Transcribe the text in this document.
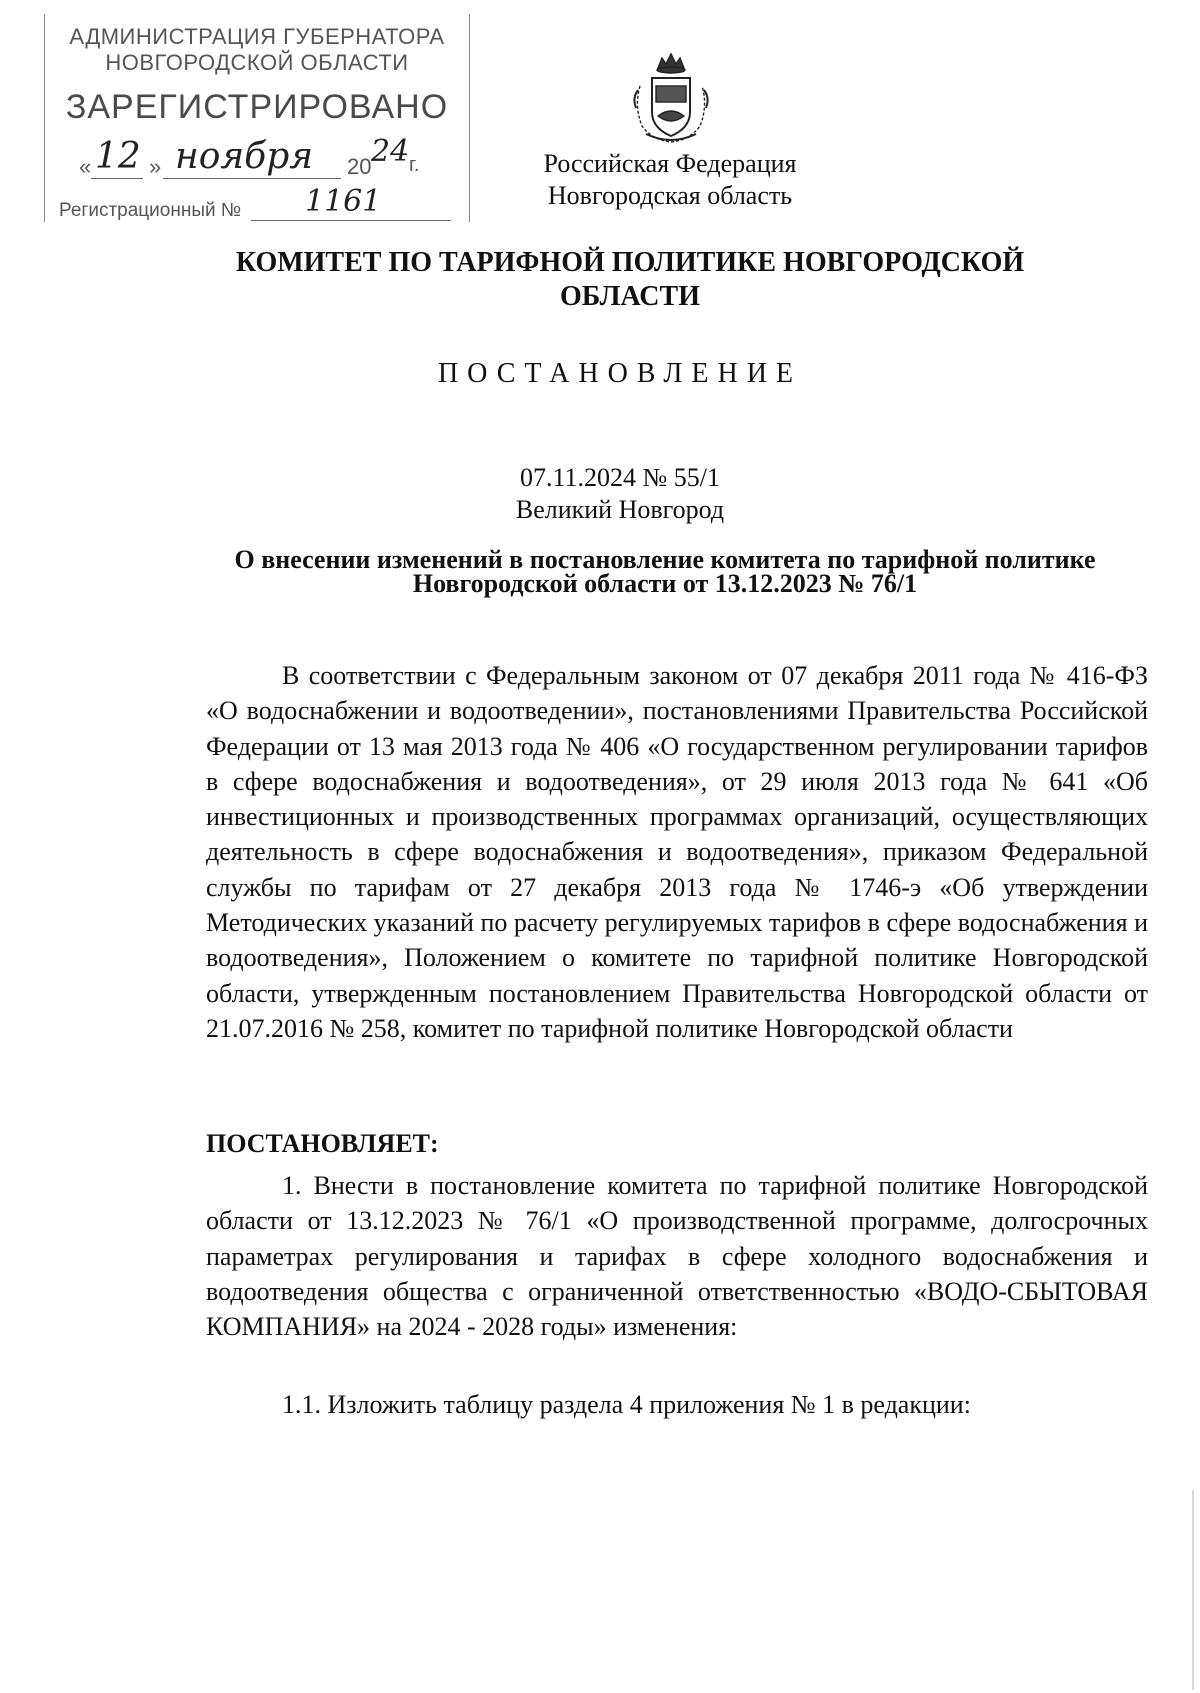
АДМИНИСТРАЦИЯ ГУБЕРНАТОРА
НОВГОРОДСКОЙ ОБЛАСТИ
ЗАРЕГИСТРИРОВАНО
« 12 » ноября 20 24 г.
Регистрационный № 1161
Российская Федерация
Новгородская область
КОМИТЕТ ПО ТАРИФНОЙ ПОЛИТИКЕ НОВГОРОДСКОЙ
ОБЛАСТИ
ПОСТАНОВЛЕНИЕ
07.11.2024 № 55/1
Великий Новгород
О внесении изменений в постановление комитета по тарифной политике
Новгородской области от 13.12.2023 № 76/1
В соответствии с Федеральным законом от 07 декабря 2011 года № 416-ФЗ «О водоснабжении и водоотведении», постановлениями Правительства Российской Федерации от 13 мая 2013 года № 406 «О государственном регулировании тарифов в сфере водоснабжения и водоотведения», от 29 июля 2013 года № 641 «Об инвестиционных и производственных программах организаций, осуществляющих деятельность в сфере водоснабжения и водоотведения», приказом Федеральной службы по тарифам от 27 декабря 2013 года № 1746-э «Об утверждении Методических указаний по расчету регулируемых тарифов в сфере водоснабжения и водоотведения», Положением о комитете по тарифной политике Новгородской области, утвержденным постановлением Правительства Новгородской области от 21.07.2016 № 258, комитет по тарифной политике Новгородской области
ПОСТАНОВЛЯЕТ:
1. Внести в постановление комитета по тарифной политике Новгородской области от 13.12.2023 № 76/1 «О производственной программе, долгосрочных параметрах регулирования и тарифах в сфере холодного водоснабжения и водоотведения общества с ограниченной ответственностью «ВОДО-СБЫТОВАЯ КОМПАНИЯ» на 2024 - 2028 годы» изменения:
1.1. Изложить таблицу раздела 4 приложения № 1 в редакции:
